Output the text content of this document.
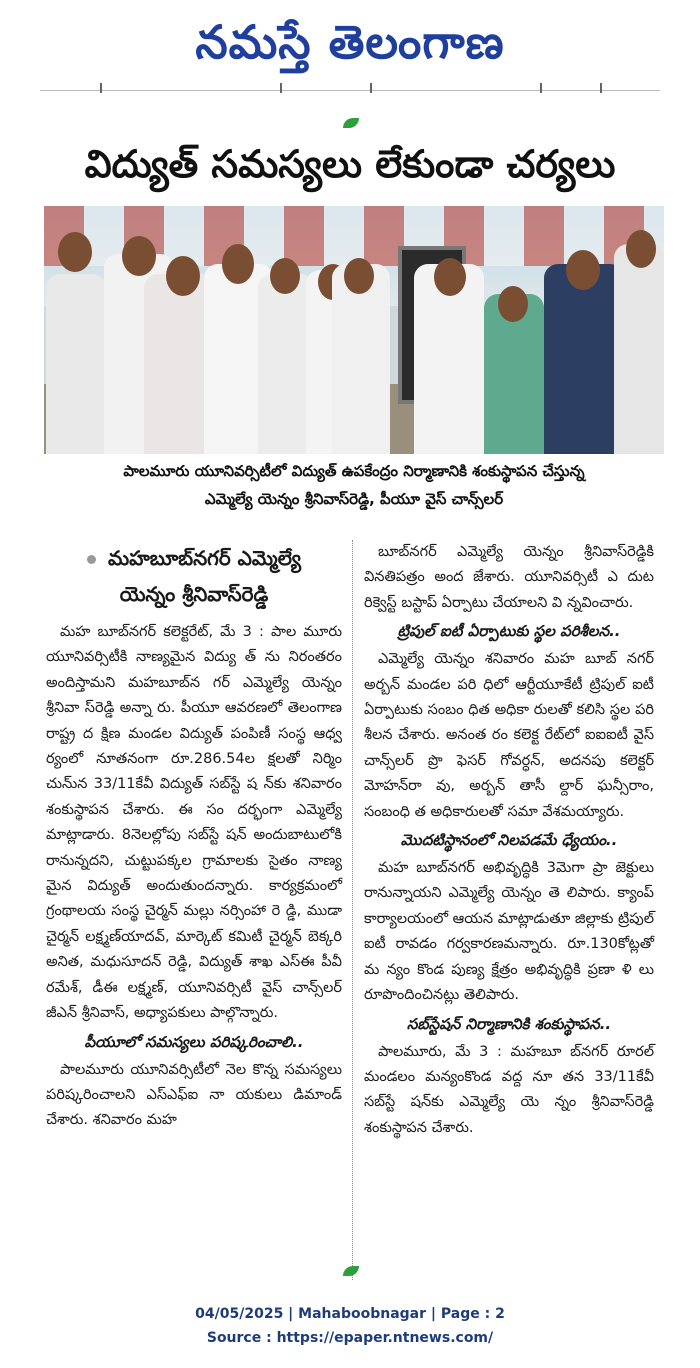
నమస్తే తెలంగాణ
విద్యుత్ సమస్యలు లేకుండా చర్యలు
పాలమూరు యూనివర్సిటీలో విద్యుత్ ఉపకేంద్రం నిర్మాణానికి శంకుస్థాపన చేస్తున్న
ఎమ్మెల్యే యెన్నం శ్రీనివాస్‌రెడ్డి, పీయూ వైస్ చాన్స్‌లర్
మహబూబ్‌నగర్ ఎమ్మెల్యే
యెన్నం శ్రీనివాస్‌రెడ్డి

మహ బూబ్‌నగర్ కలెక్టరేట్, మే 3 : పాల మూరు యూనివర్సిటీకి నాణ్యమైన విద్యు త్ ను నిరంతరం అందిస్తామని మహబూబ్‌న గర్ ఎమ్మెల్యే యెన్నం శ్రీనివా స్‌రెడ్డి అన్నా రు. పీయూ ఆవరణలో తెలంగాణ రాష్ట్ర ద క్షిణ మండల విద్యుత్ పంపిణీ సంస్థ ఆధ్వ ర్యంలో నూతనంగా రూ.286.54ల క్షలతో నిర్మిం చును్న 33/11కేవీ విద్యుత్ సబ్‌స్టే ష న్‌కు శనివారం శంకుస్థాపన చేశారు. ఈ సం దర్భంగా ఎమ్మెల్యే మాట్లాడారు. 8నెలల్లోపు సబ్‌స్టే షన్ అందుబాటులోకి రానున్నదని, చుట్టుపక్కల గ్రామాలకు సైతం నాణ్య మైన విద్యుత్ అందుతుందన్నారు. కార్యక్రమంలో గ్రంథాలయ సంస్థ చైర్మన్ మల్లు నర్సింహా రె డ్డి, ముడా చైర్మన్ లక్ష్మణ్‌యాదవ్, మార్కెట్ కమిటీ చైర్మన్ బెక్కరి అనిత, మధుసూదన్ రెడ్డి, విద్యుత్ శాఖ ఎస్‌ఈ పీవీ రమేశ్, డీఈ లక్ష్మణ్, యూనివర్సిటీ వైస్ చాన్స్‌లర్ జీఎన్ శ్రీనివాస్, అధ్యాపకులు పాల్గొన్నారు.

పీయూలో సమస్యలు పరిష్కరించాలి..

పాలమూరు యూనివర్సిటీలో నెల కొన్న సమస్యలు పరిష్కరించాలని ఎస్‌ఎఫ్‌ఐ నా యకులు డిమాండ్ చేశారు. శనివారం మహ

బూబ్‌నగర్ ఎమ్మెల్యే యెన్నం శ్రీనివాస్‌రెడ్డికి వినతిపత్రం అంద జేశారు. యూనివర్సిటీ ఎ దుట రిక్వెస్ట్ బస్టాప్ ఏర్పాటు చేయాలని వి న్నవించారు.

ట్రిపుల్ ఐటీ ఏర్పాటుకు స్థల పరిశీలన..

ఎమ్మెల్యే యెన్నం శనివారం మహ బూబ్ నగర్ అర్బన్ మండల పరి ధిలో ఆర్టీయూకేటీ ట్రిపుల్ ఐటీ ఏర్పాటుకు సంబం ధిత అధికా రులతో కలిసి స్థల పరి శీలన చేశారు. అనంత రం కలెక్ట రేట్‌లో ఐఐఐటీ వైస్ చాన్స్‌లర్ ప్రొ ఫెసర్ గోవర్ధన్, అదనపు కలెక్టర్ మోహన్‌రా వు, అర్బన్ తాసీ ల్దార్ ఘన్సీరాం, సంబంధి త అధికారులతో సమా వేశమయ్యారు.

మొదటిస్థానంలో నిలపడమే ధ్యేయం..

మహ బూబ్‌నగర్ అభివృద్ధికి 3మెగా ప్రా జెక్టులు రానున్నాయని ఎమ్మెల్యే యెన్నం తె లిపారు. క్యాంప్ కార్యాలయంలో ఆయన మాట్లాడుతూ జిల్లాకు ట్రిపుల్ ఐటీ రావడం గర్వకారణమన్నారు. రూ.130కోట్లతో మ న్యం కొండ పుణ్య క్షేత్రం అభివృద్ధికి ప్రణా ళి లు రూపొందించినట్లు తెలిపారు.

సబ్‌స్టేషన్ నిర్మాణానికి శంకుస్థాపన..

పాలమూరు, మే 3 : మహబూ బ్‌నగర్ రూరల్ మండలం మన్యంకొండ వద్ద నూ తన 33/11కేవీ సబ్‌స్టే షన్‌కు ఎమ్మెల్యే యె న్నం శ్రీనివాస్‌రెడ్డి శంకుస్థాపన చేశారు.

04/05/2025 | Mahaboobnagar | Page : 2
Source : https://epaper.ntnews.com/
